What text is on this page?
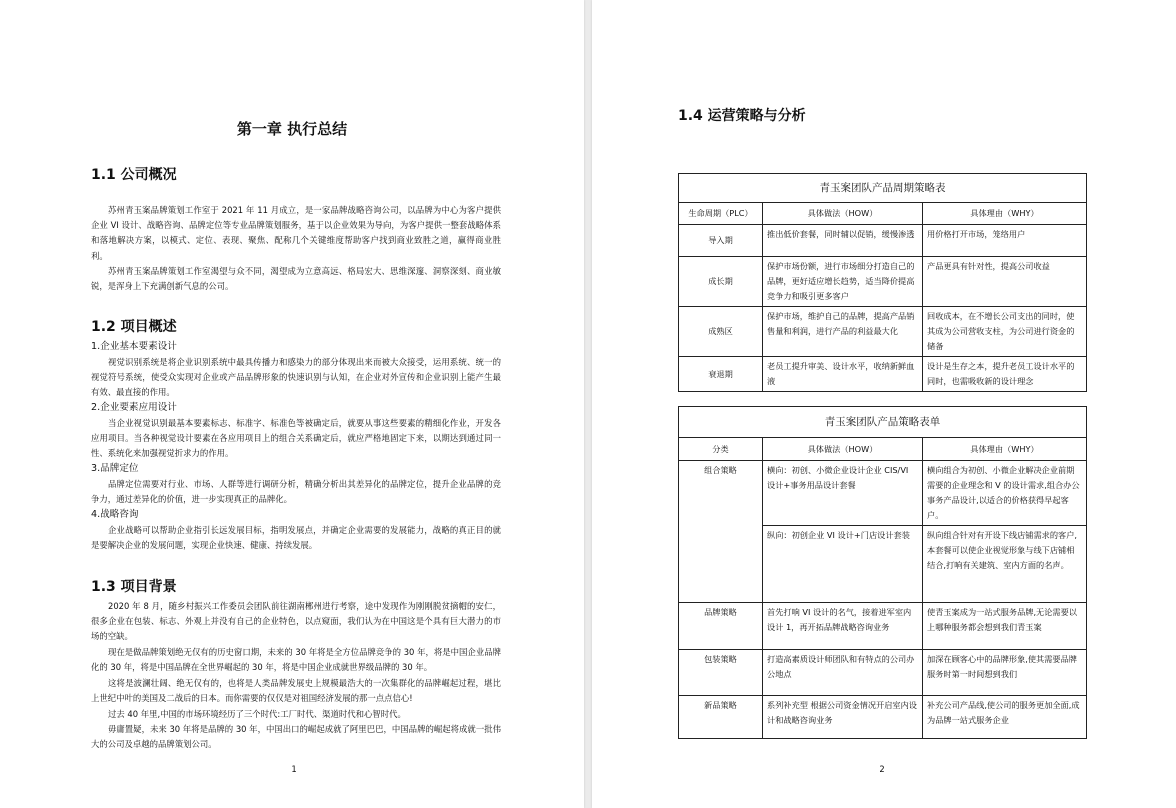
第一章 执行总结
1.1 公司概况

苏州青玉案品牌策划工作室于 2021 年 11 月成立，是一家品牌战略咨询公司，以品牌为中心为客户提供企业 VI 设计、战略咨询、品牌定位等专业品牌策划服务，基于以企业效果为导向，为客户提供一整套战略体系和落地解决方案，以模式、定位、表现、聚焦、配称几个关键维度帮助客户找到商业致胜之道，赢得商业胜利。

苏州青玉案品牌策划工作室渴望与众不同，渴望成为立意高远、格局宏大、思维深邃、洞察深刻、商业敏锐，是浑身上下充满创新气息的公司。

1.2 项目概述
1.企业基本要素设计

视觉识别系统是将企业识别系统中最具传播力和感染力的部分体现出来而被大众接受，运用系统、统一的视觉符号系统，使受众实现对企业或产品品牌形象的快速识别与认知，在企业对外宣传和企业识别上能产生最有效、最直接的作用。

2.企业要素应用设计

当企业视觉识别最基本要素标志、标准字、标准色等被确定后，就要从事这些要素的精细化作业，开发各应用项目。当各种视觉设计要素在各应用项目上的组合关系确定后，就应严格地固定下来，以期达到通过同一性、系统化来加强视觉折求力的作用。

3.品牌定位

品牌定位需要对行业、市场、人群等进行调研分析，精确分析出其差异化的品牌定位，提升企业品牌的竞争力，通过差异化的价值，进一步实现真正的品牌化。

4.战略咨询

企业战略可以帮助企业指引长远发展目标，指明发展点，并确定企业需要的发展能力，战略的真正目的就是要解决企业的发展问题，实现企业快速、健康、持续发展。

1.3 项目背景

2020 年 8 月，随乡村振兴工作委员会团队前往湖南郴州进行考察，途中发现作为刚刚脱贫摘帽的安仁，很多企业在包装、标志、外观上并没有自己的企业特色，以点窥面，我们认为在中国这是个具有巨大潜力的市场的空缺。

现在是做品牌策划绝无仅有的历史窗口期，未来的 30 年将是全方位品牌竞争的 30 年，将是中国企业品牌化的 30 年，将是中国品牌在全世界崛起的 30 年，将是中国企业成就世界级品牌的 30 年。

这将是波澜壮阔、绝无仅有的，也将是人类品牌发展史上规模最浩大的一次集群化的品牌崛起过程，堪比上世纪中叶的美国及二战后的日本。而你需要的仅仅是对祖国经济发展的那一点点信心!

过去 40 年里,中国的市场环境经历了三个时代:工厂时代、渠道时代和心智时代。

毋庸置疑，未来 30 年将是品牌的 30 年，中国出口的崛起成就了阿里巴巴，中国品牌的崛起将成就一批伟大的公司及卓越的品牌策划公司。

1
1.4 运营策略与分析
青玉案团队产品周期策略表		
生命周期（PLC）	具体做法（HOW）	具体理由（WHY）
导入期	推出低价套餐，同时辅以促销，缓慢渗透	用价格打开市场，笼络用户
成长期	保护市场份额，进行市场细分打造自己的品牌，更好适应增长趋势，适当降价提高竞争力和吸引更多客户	产品更具有针对性，提高公司收益
成熟区	保护市场，维护自己的品牌，提高产品销售量和利润，进行产品的利益最大化	回收成本，在不增长公司支出的同时，使其成为公司营收支柱，为公司进行资金的储备
衰退期	老员工提升审美、设计水平，收纳新鲜血液	设计是生存之本，提升老员工设计水平的同时，也需吸收新的设计理念
青玉案团队产品策略表单		
分类	具体做法（HOW）	具体理由（WHY）
组合策略	横向：初创、小微企业设计企业 CIS/VI 设计+事务用品设计套餐	横向组合为初创、小微企业解决企业前期需要的企业理念和 V 的设计需求,组合办公事务产品设计,以适合的价格获得早起客户。
	纵向：初创企业 VI 设计+门店设计套装	纵向组合针对有开设下线店铺需求的客户,本套餐可以使企业视觉形象与线下店铺相结合,打响有关建筑、室内方面的名声。
品牌策略	首先打响 VI 设计的名气，接着进军室内设计 1，再开拓品牌战略咨询业务	使青玉案成为一站式服务品牌,无论需要以上哪种服务都会想到我们青玉案
包装策略	打造高素质设计师团队和有特点的公司办公地点	加深在顾客心中的品牌形象,使其需要品牌服务时第一时间想到我们
新品策略	系列补充型 根据公司资金情况开启室内设计和战略咨询业务	补充公司产品线,使公司的服务更加全面,成为品牌一站式服务企业
2
